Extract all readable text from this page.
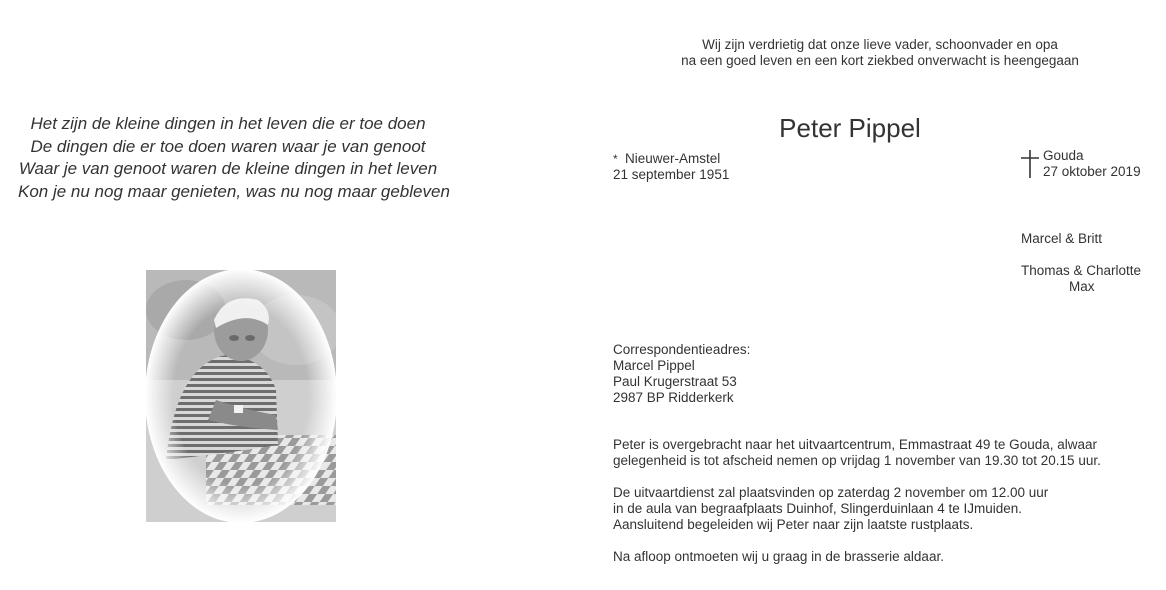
Het zijn de kleine dingen in het leven die er toe doen
De dingen die er toe doen waren waar je van genoot
Waar je van genoot waren de kleine dingen in het leven
Kon je nu nog maar genieten, was nu nog maar gebleven
Wij zijn verdrietig dat onze lieve vader, schoonvader en opa
na een goed leven en een kort ziekbed onverwacht is heengegaan
Peter Pippel
* Nieuwer-Amstel
21 september 1951
Gouda
27 oktober 2019
Marcel & Britt
Thomas & Charlotte
Max
Correspondentieadres:
Marcel Pippel
Paul Krugerstraat 53
2987 BP Ridderkerk
Peter is overgebracht naar het uitvaartcentrum, Emmastraat 49 te Gouda, alwaar
gelegenheid is tot afscheid nemen op vrijdag 1 november van 19.30 tot 20.15 uur.
De uitvaartdienst zal plaatsvinden op zaterdag 2 november om 12.00 uur
in de aula van begraafplaats Duinhof, Slingerduinlaan 4 te IJmuiden.
Aansluitend begeleiden wij Peter naar zijn laatste rustplaats.
Na afloop ontmoeten wij u graag in de brasserie aldaar.
